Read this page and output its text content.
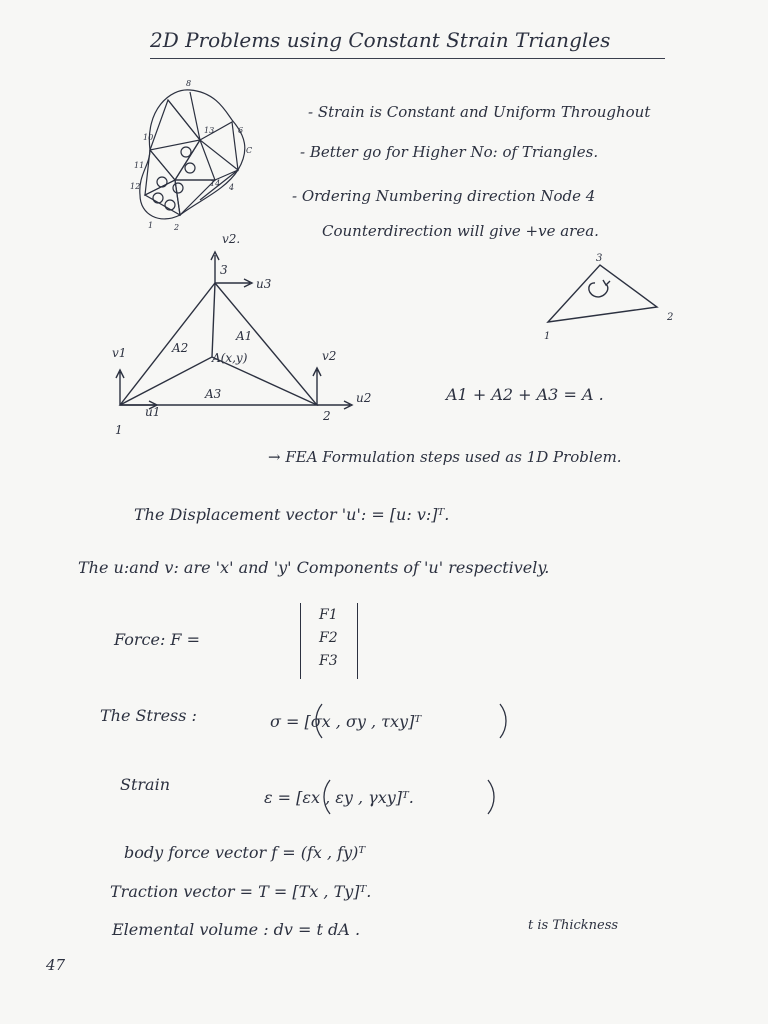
2D Problems using Constant Strain Triangles
- Strain is Constant and Uniform Throughout
- Better go for Higher No: of Triangles.
- Ordering Numbering direction Node 4
Counterdirection will give +ve area.
8
6
10
11
12
1	2
4
C
13
14
v2.
3
u3
v1
u1
1
v2
u2
2
A1
A2
A3
A(x,y)
1
2
3
A1 + A2 + A3 = A .
→ FEA Formulation steps used as 1D Problem.
The Displacement vector 'u': = [u: v:]ᵀ.
The u:and v: are 'x' and 'y' Components of 'u' respectively.
Force: F =
F1
F2
F3
The Stress :	σ = [σx , σy , τxy]ᵀ
Strain
ε = [εx , εy , γxy]ᵀ.
body force vector f = (fx , fy)ᵀ
Traction vector = T = [Tx , Ty]ᵀ.
Elemental volume : dv = t dA .	t is Thickness
47
